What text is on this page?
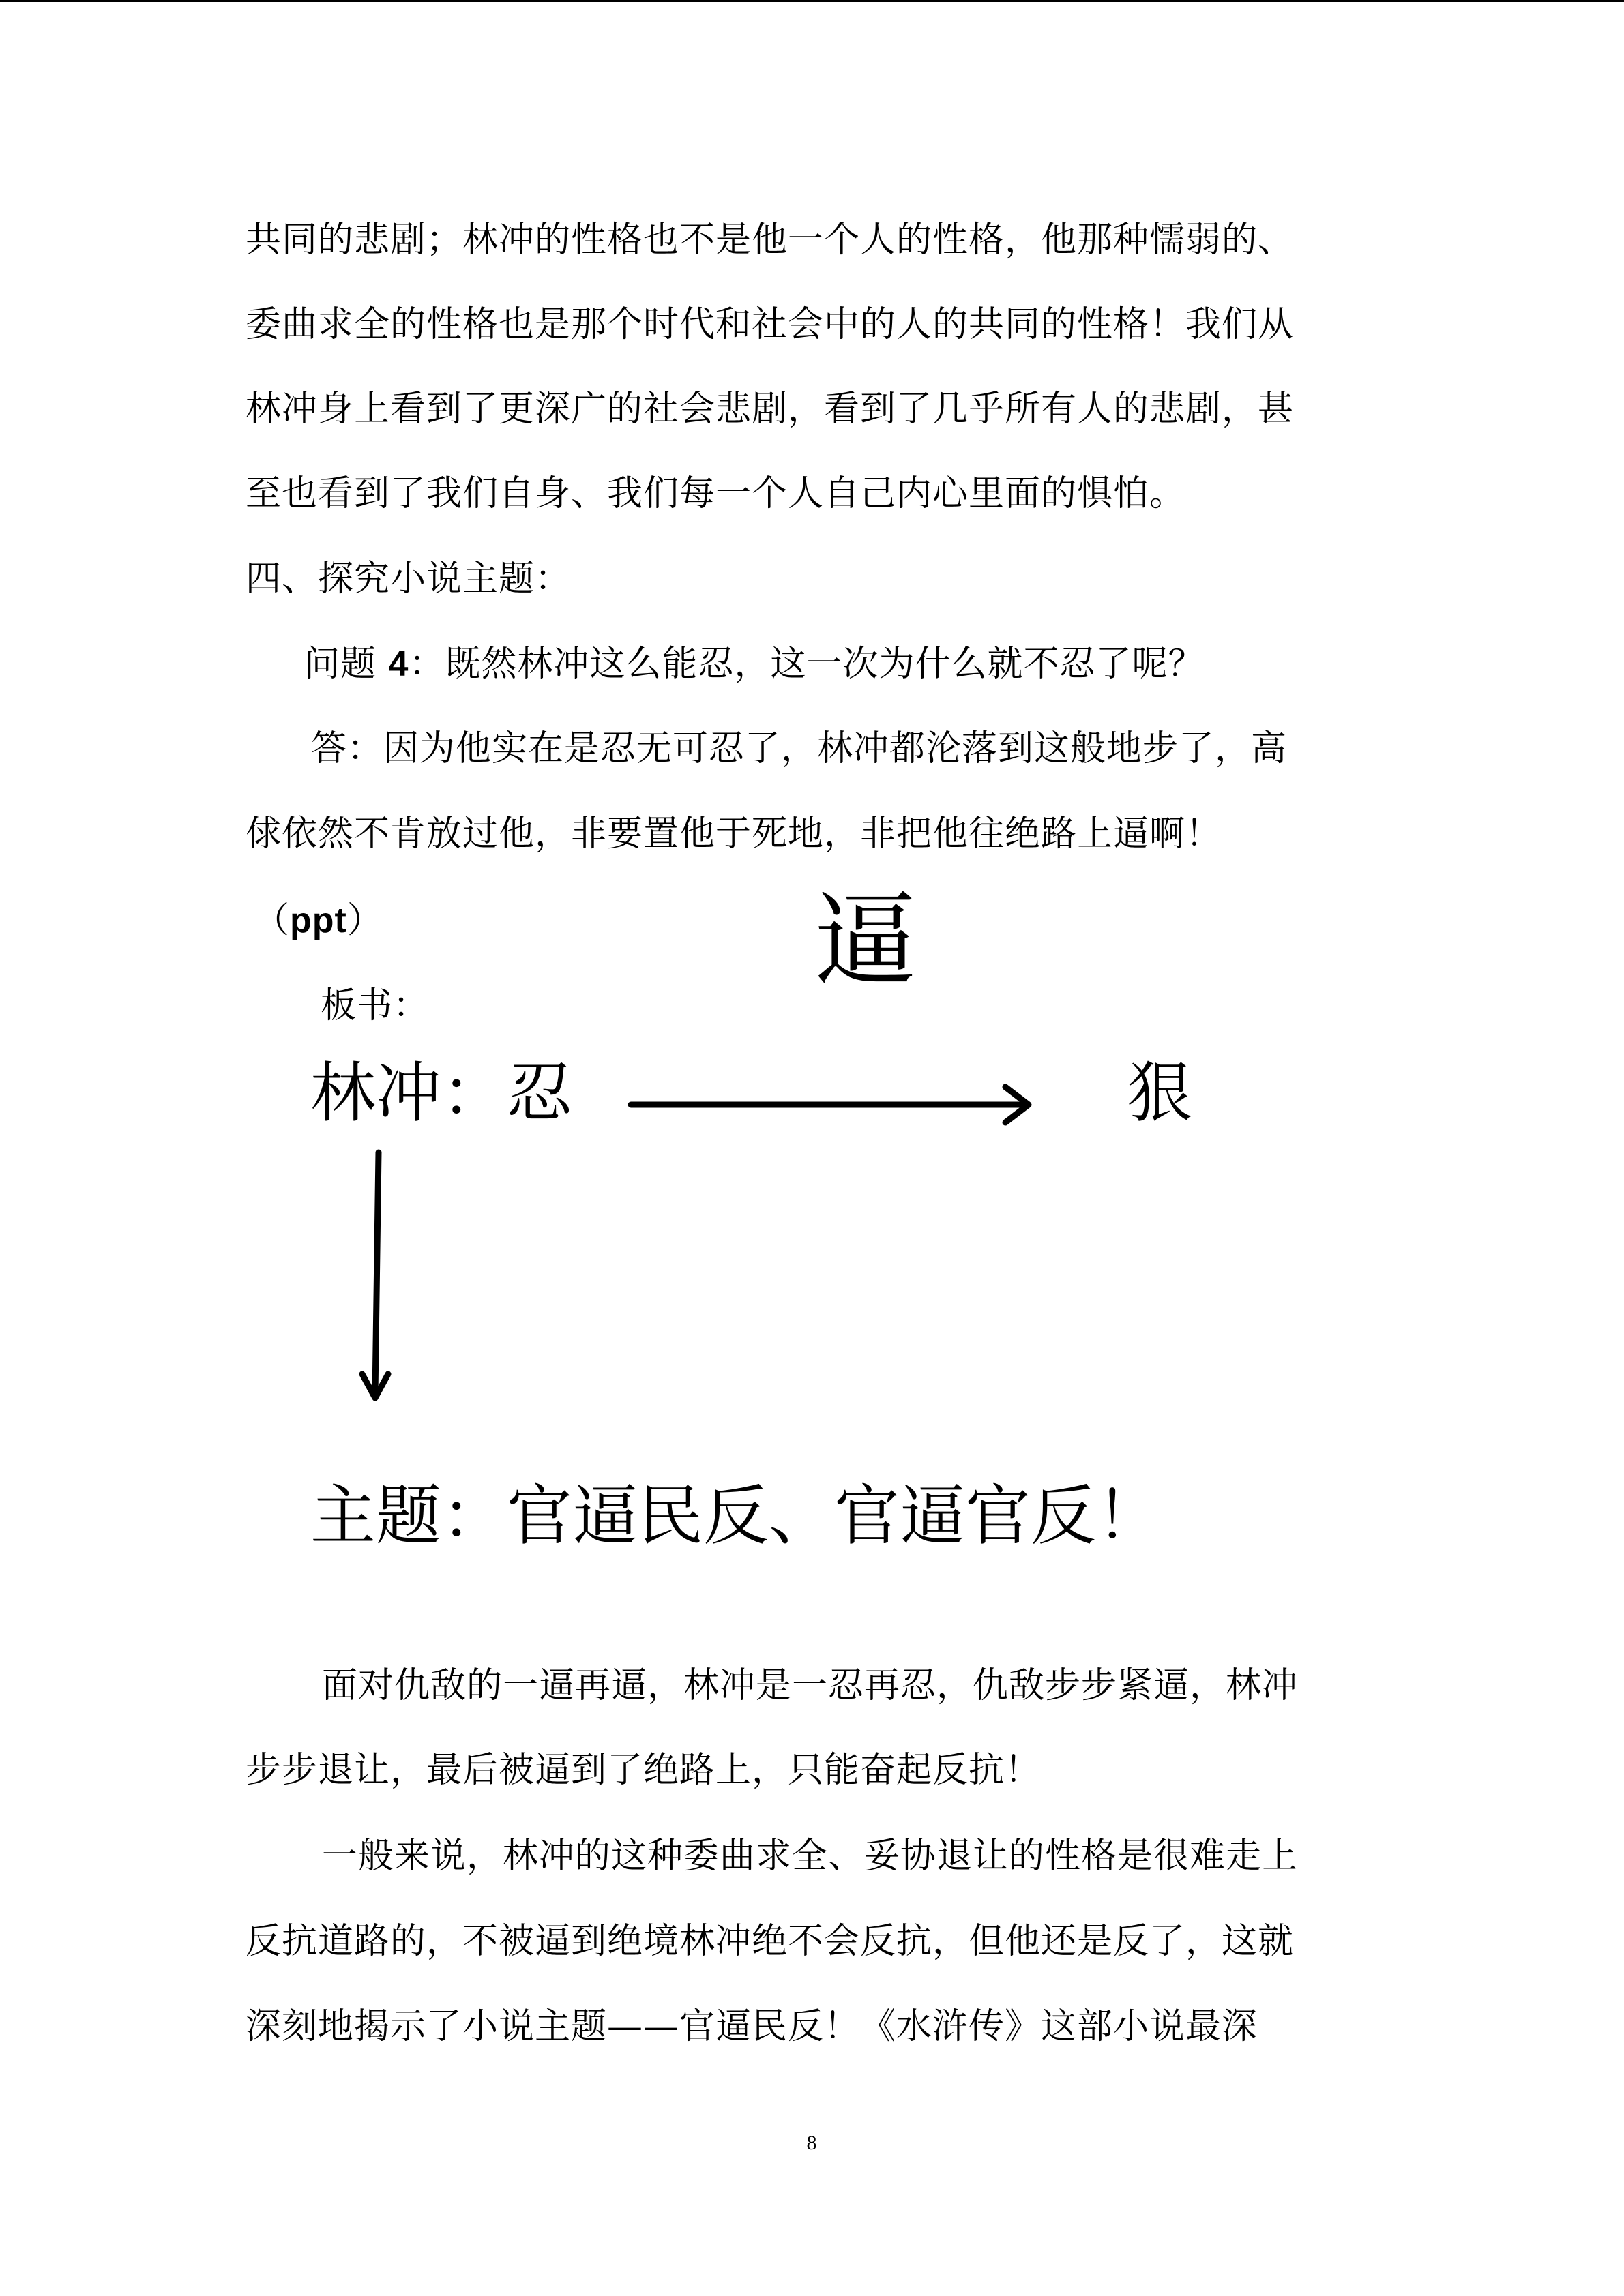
共同的悲剧；林冲的性格也不是他一个人的性格，他那种懦弱的、
委曲求全的性格也是那个时代和社会中的人的共同的性格！我们从
林冲身上看到了更深广的社会悲剧，看到了几乎所有人的悲剧，甚
至也看到了我们自身、我们每一个人自己内心里面的惧怕。
四、探究小说主题：
问题 4：既然林冲这么能忍，这一次为什么就不忍了呢？
答：因为他实在是忍无可忍了，林冲都沦落到这般地步了，高
俅依然不肯放过他，非要置他于死地，非把他往绝路上逼啊！
（ppt）	逼
板书：
林冲：忍	狠
主题：官逼民反、官逼官反！
面对仇敌的一逼再逼，林冲是一忍再忍，仇敌步步紧逼，林冲
步步退让，最后被逼到了绝路上，只能奋起反抗！
一般来说，林冲的这种委曲求全、妥协退让的性格是很难走上
反抗道路的，不被逼到绝境林冲绝不会反抗，但他还是反了，这就
深刻地揭示了小说主题——官逼民反！《水浒传》这部小说最深
8
